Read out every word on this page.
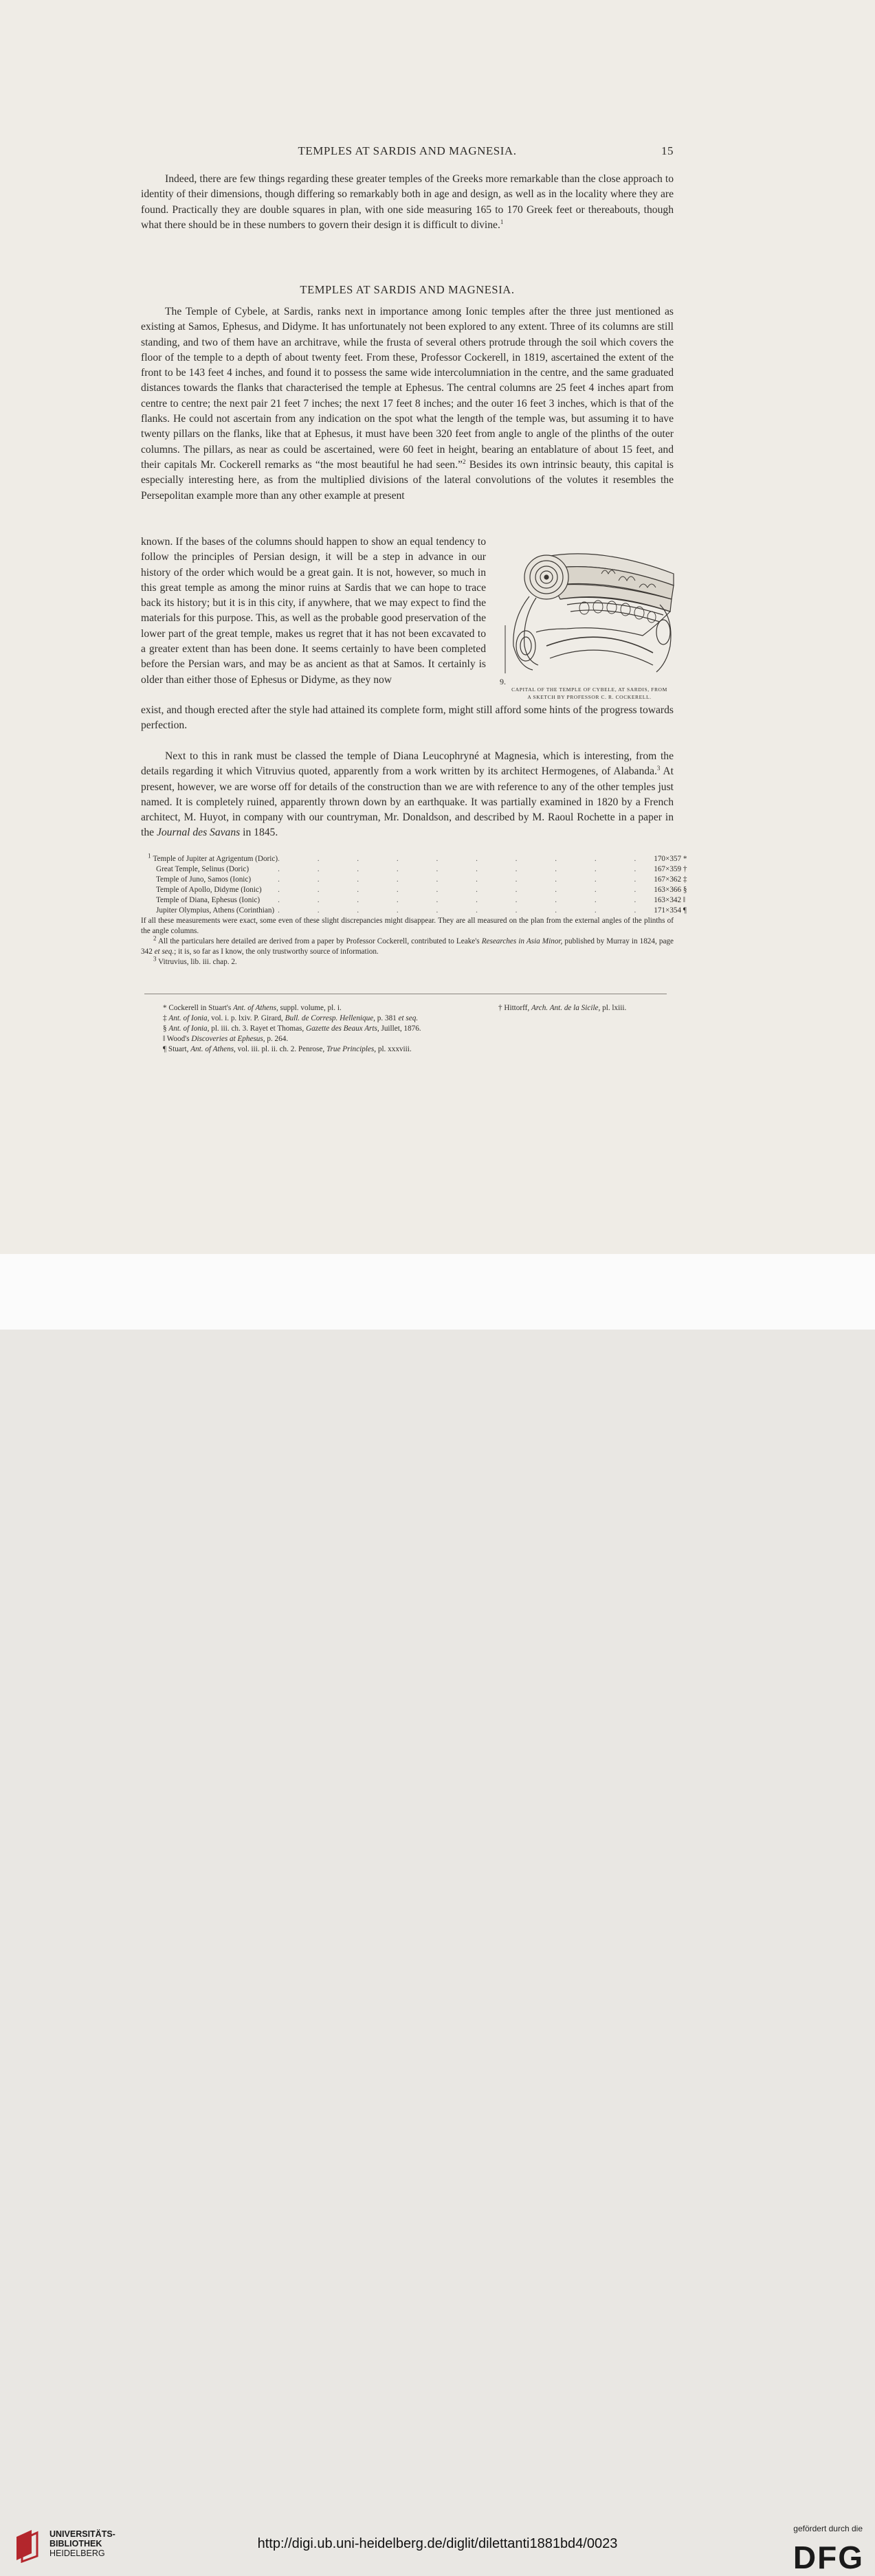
TEMPLES AT SARDIS AND MAGNESIA.	15

Indeed, there are few things regarding these greater temples of the Greeks more remarkable than the close approach to identity of their dimensions, though differing so remarkably both in age and design, as well as in the locality where they are found. Practically they are double squares in plan, with one side measuring 165 to 170 Greek feet or thereabouts, though what there should be in these numbers to govern their design it is difficult to divine.$^1$

TEMPLES AT SARDIS AND MAGNESIA.

The Temple of Cybele, at Sardis, ranks next in importance among Ionic temples after the three just mentioned as existing at Samos, Ephesus, and Didyme. It has unfortunately not been explored to any extent. Three of its columns are still standing, and two of them have an architrave, while the frusta of several others protrude through the soil which covers the floor of the temple to a depth of about twenty feet. From these, Professor Cockerell, in 1819, ascertained the extent of the front to be 143 feet 4 inches, and found it to possess the same wide intercolumniation in the centre, and the same graduated distances towards the flanks that characterised the temple at Ephesus. The central columns are 25 feet 4 inches apart from centre to centre; the next pair 21 feet 7 inches; the next 17 feet 8 inches; and the outer 16 feet 3 inches, which is that of the flanks. He could not ascertain from any indication on the spot what the length of the temple was, but assuming it to have twenty pillars on the flanks, like that at Ephesus, it must have been 320 feet from angle to angle of the plinths of the outer columns. The pillars, as near as could be ascertained, were 60 feet in height, bearing an entablature of about 15 feet, and their capitals Mr. Cockerell remarks as “the most beautiful he had seen.”$^2$ Besides its own intrinsic beauty, this capital is especially interesting here, as from the multiplied divisions of the lateral convolutions of the volutes it resembles the Persepolitan example more than any other example at present

known. If the bases of the columns should happen to show an equal tendency to follow the principles of Persian design, it will be a step in advance in our history of the order which would be a great gain. It is not, however, so much in this great temple as among the minor ruins at Sardis that we can hope to trace back its history; but it is in this city, if anywhere, that we may expect to find the materials for this purpose. This, as well as the probable good preservation of the lower part of the great temple, makes us regret that it has not been excavated to a greater extent than has been done. It seems certainly to have been completed before the Persian wars, and may be as ancient as that at Samos. It certainly is older than either those of Ephesus or Didyme, as they now	9.
CAPITAL OF THE TEMPLE OF CYBELE, AT SARDIS, FROM
A SKETCH BY PROFESSOR C. R. COCKERELL.

exist, and though erected after the style had attained its complete form, might still afford some hints of the progress towards perfection.

Next to this in rank must be classed the temple of Diana Leucophryné at Magnesia, which is interesting, from the details regarding it which Vitruvius quoted, apparently from a work written by its architect Hermogenes, of Alabanda.$^3$ At present, however, we are worse off for details of the construction than we are with reference to any of the other temples just named. It is completely ruined, apparently thrown down by an earthquake. It was partially examined in 1820 by a French architect, M. Huyot, in company with our countryman, Mr. Donaldson, and described by M. Raoul Rochette in a paper in the Journal des Savans in 1845.

$^1$ Temple of Jupiter at Agrigentum (Doric)	. . . . . . . . . .	170	×	357 *
Great Temple, Selinus (Doric)	. . . . . . . . . .	167	×	359 †
Temple of Juno, Samos (Ionic)	. . . . . . . . . .	167	×	362 ‡
Temple of Apollo, Didyme (Ionic)	. . . . . . . . . .	163	×	366 §
Temple of Diana, Ephesus (Ionic)	. . . . . . . . . .	163	×	342 ‖
Jupiter Olympius, Athens (Corinthian)	. . . . . . . . . .	171	×	354 ¶

If all these measurements were exact, some even of these slight discrepancies might disappear. They are all measured on the plan from the external angles of the plinths of the angle columns.

$^2$ All the particulars here detailed are derived from a paper by Professor Cockerell, contributed to Leake's Researches in Asia Minor, published by Murray in 1824, page 342 et seq.; it is, so far as I know, the only trustworthy source of information.

$^3$ Vitruvius, lib. iii. chap. 2.

* Cockerell in Stuart's Ant. of Athens, suppl. volume, pl. i.	† Hittorff, Arch. Ant. de la Sicile, pl. lxiii.
‡ Ant. of Ionia, vol. i. p. lxiv. P. Girard, Bull. de Corresp. Hellenique, p. 381 et seq.
§ Ant. of Ionia, pl. iii. ch. 3. Rayet et Thomas, Gazette des Beaux Arts, Juillet, 1876.
‖ Wood's Discoveries at Ephesus, p. 264.
¶ Stuart, Ant. of Athens, vol. iii. pl. ii. ch. 2. Penrose, True Principles, pl. xxxviii.
UNIVERSITÄTS-
BIBLIOTHEK
HEIDELBERG
http://digi.ub.uni-heidelberg.de/diglit/dilettanti1881bd4/0023
gefördert durch die
DFG
